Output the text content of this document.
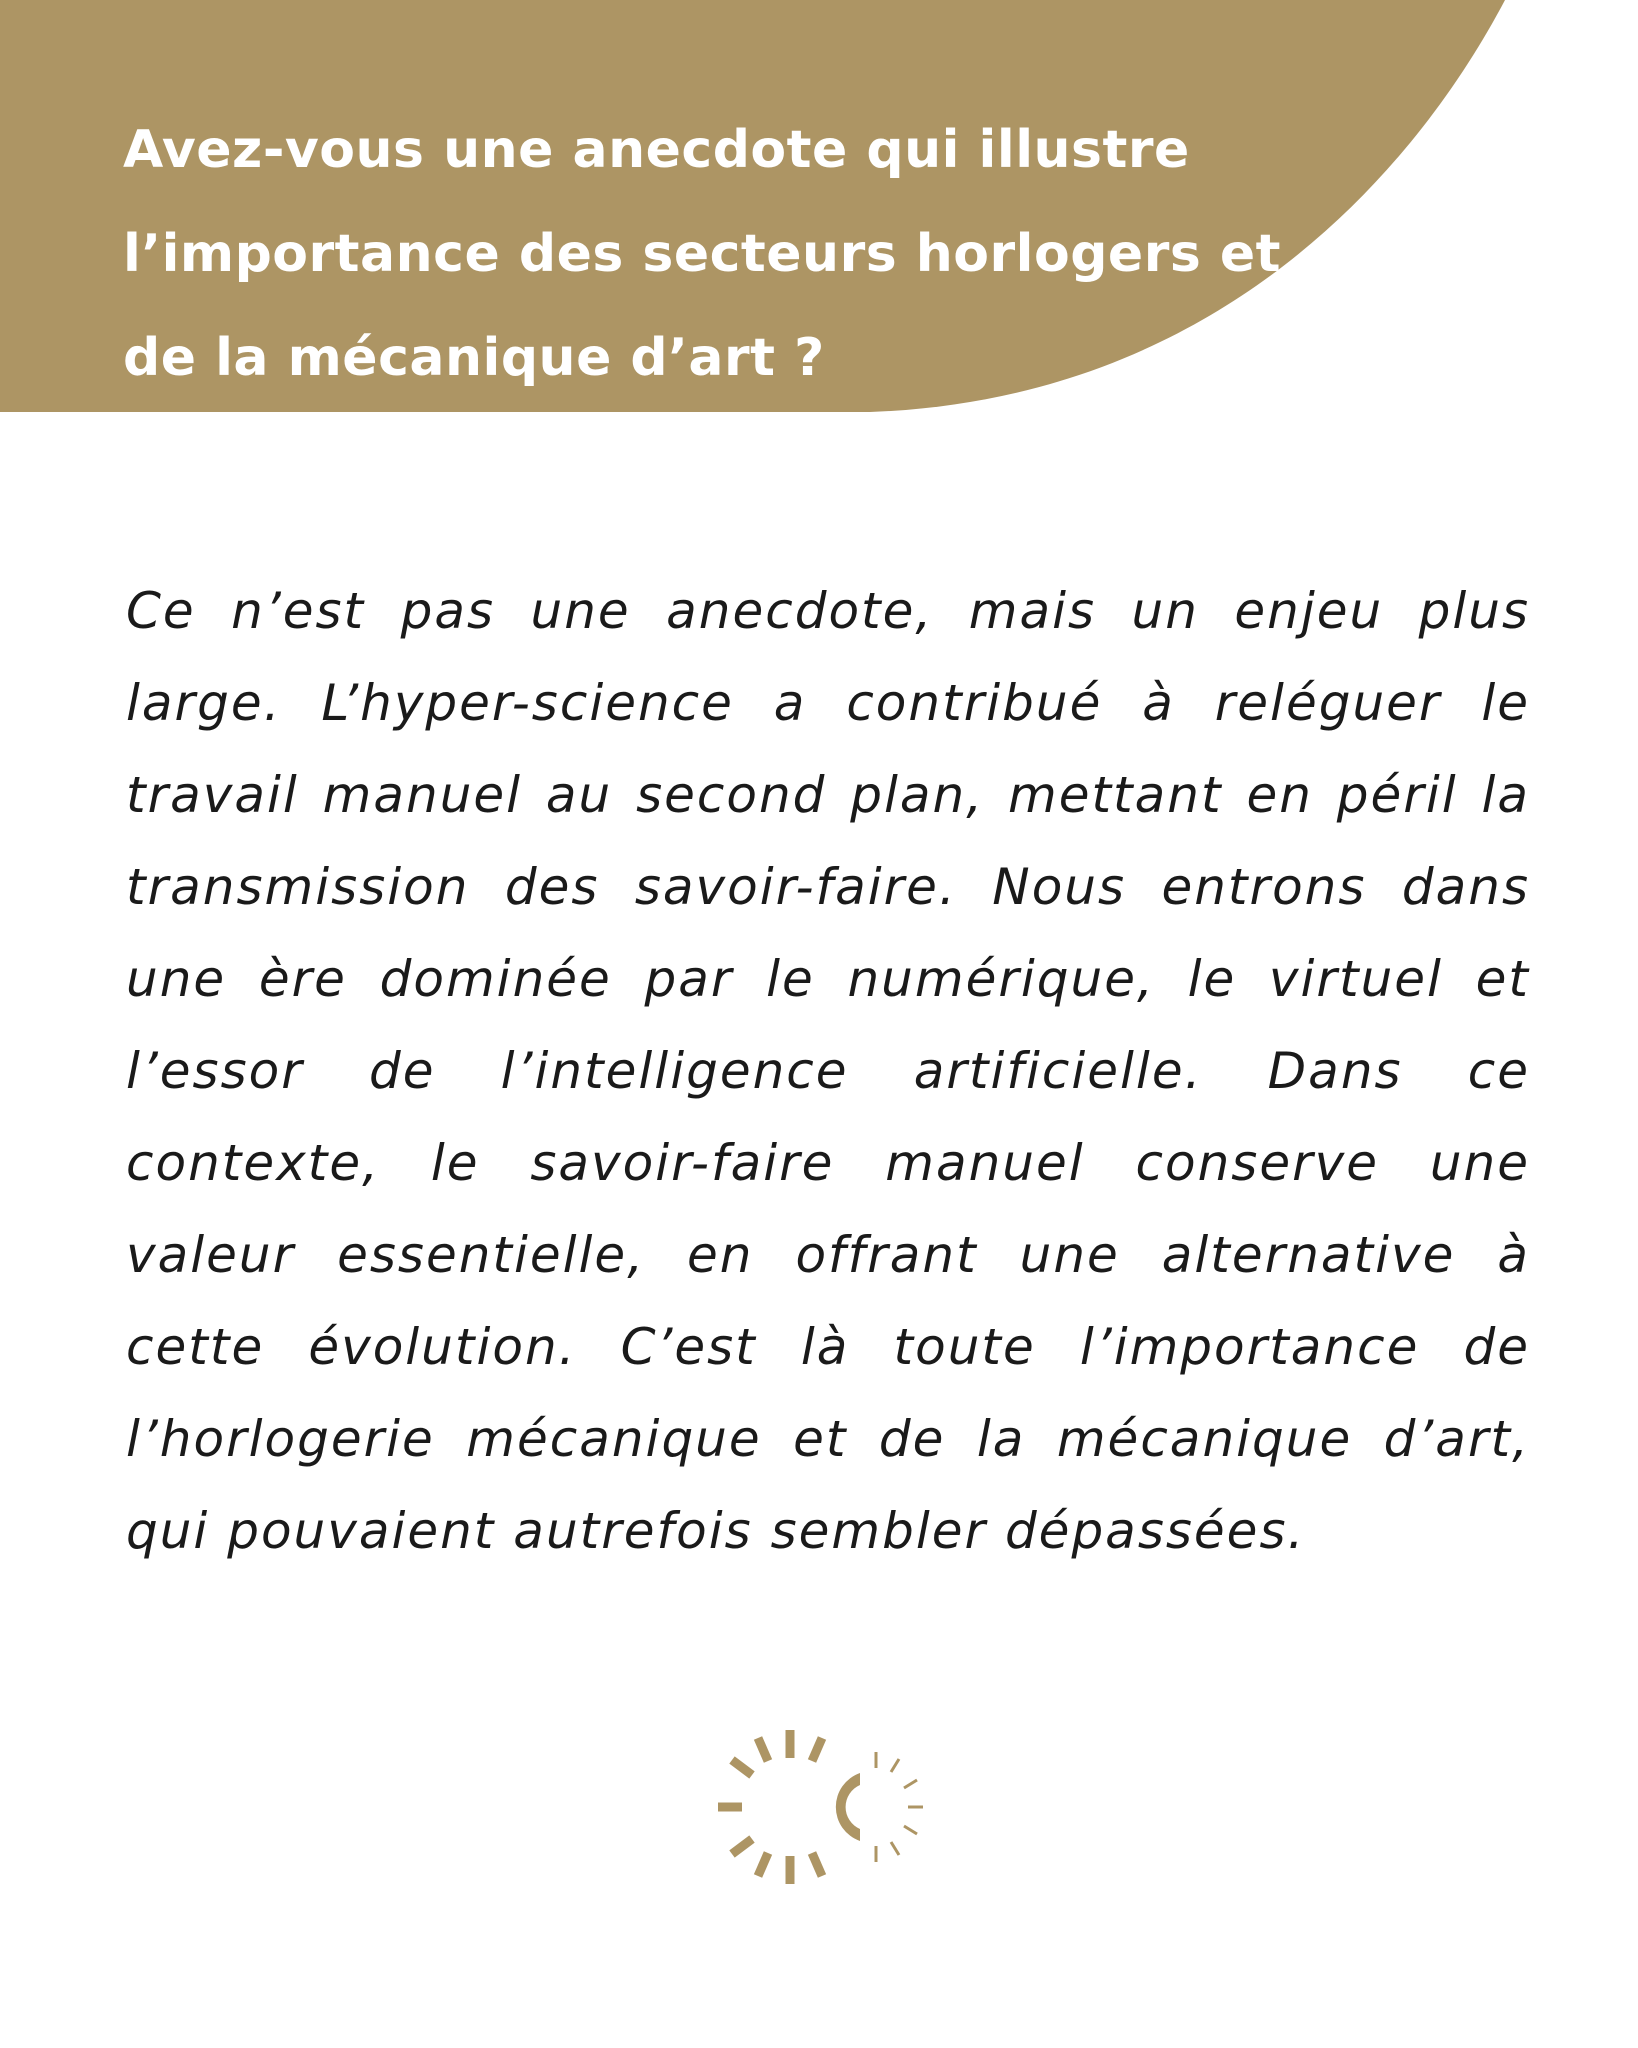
Avez-vous une anecdote qui illustre l’importance des secteurs horlogers et de la mécanique d’art ?

Ce n’est pas une anecdote, mais un enjeu plus large. L’hyper-science a contribué à reléguer le travail manuel au second plan, mettant en péril la transmission des savoir-faire. Nous entrons dans une ère dominée par le numérique, le virtuel et l’essor de l’intelligence artificielle. Dans ce contexte, le savoir-faire manuel conserve une valeur essentielle, en offrant une alternative à cette évolution. C’est là toute l’importance de l’horlogerie mécanique et de la mécanique d’art, qui pouvaient autrefois sembler dépassées.
